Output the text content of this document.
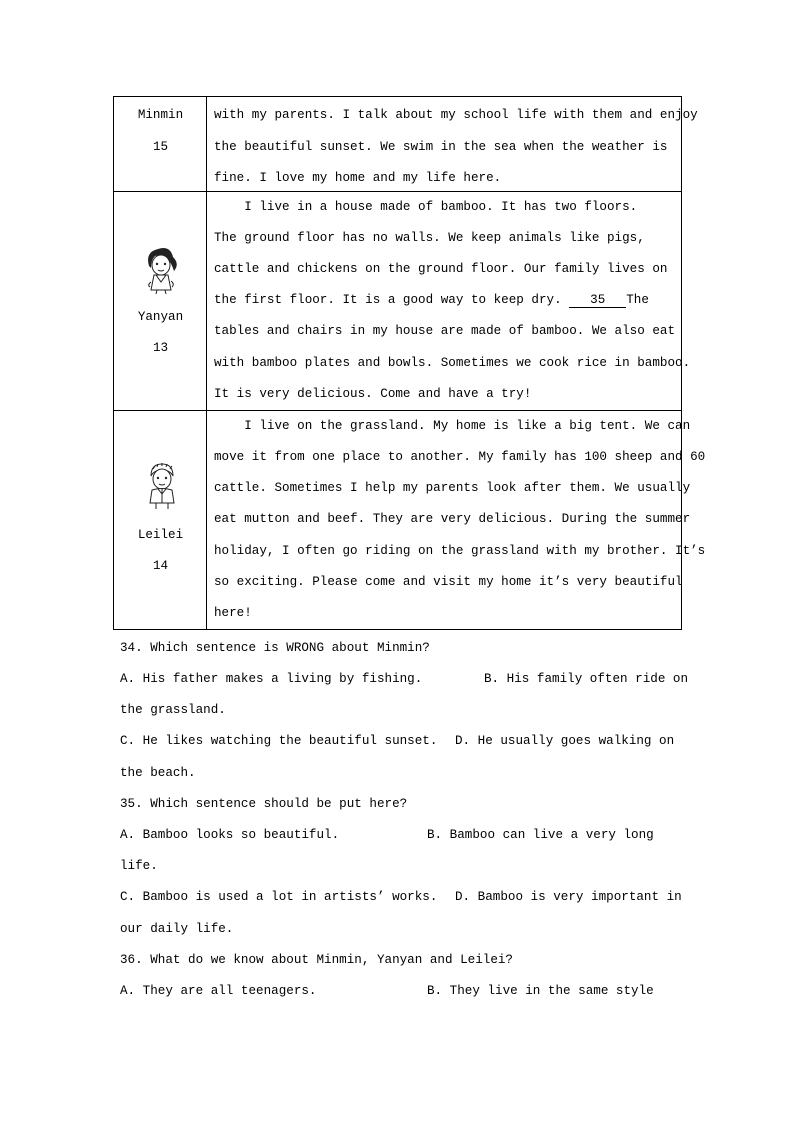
Minmin
15
with my parents. I talk about my school life with them and enjoy
the beautiful sunset. We swim in the sea when the weather is
fine. I love my home and my life here.
Yanyan
13
I live in a house made of bamboo. It has two floors.
The ground floor has no walls. We keep animals like pigs,
cattle and chickens on the ground floor. Our family lives on
the first floor. It is a good way to keep dry. 35 The
tables and chairs in my house are made of bamboo. We also eat
with bamboo plates and bowls. Sometimes we cook rice in bamboo.
It is very delicious. Come and have a try!
Leilei
14
I live on the grassland. My home is like a big tent. We can
move it from one place to another. My family has 100 sheep and 60
cattle. Sometimes I help my parents look after them. We usually
eat mutton and beef. They are very delicious. During the summer
holiday, I often go riding on the grassland with my brother. It’s
so exciting. Please come and visit my home it’s very beautiful
here!
34. Which sentence is WRONG about Minmin?
A. His father makes a living by fishing.	B. His family often ride on
the grassland.
C. He likes watching the beautiful sunset. D. He usually goes walking on
the beach.
35. Which sentence should be put here?
A. Bamboo looks so beautiful.	B. Bamboo can live a very long
life.
C. Bamboo is used a lot in artists’ works. D. Bamboo is very important in
our daily life.
36. What do we know about Minmin, Yanyan and Leilei?
A. They are all teenagers.	B. They live in the same style
